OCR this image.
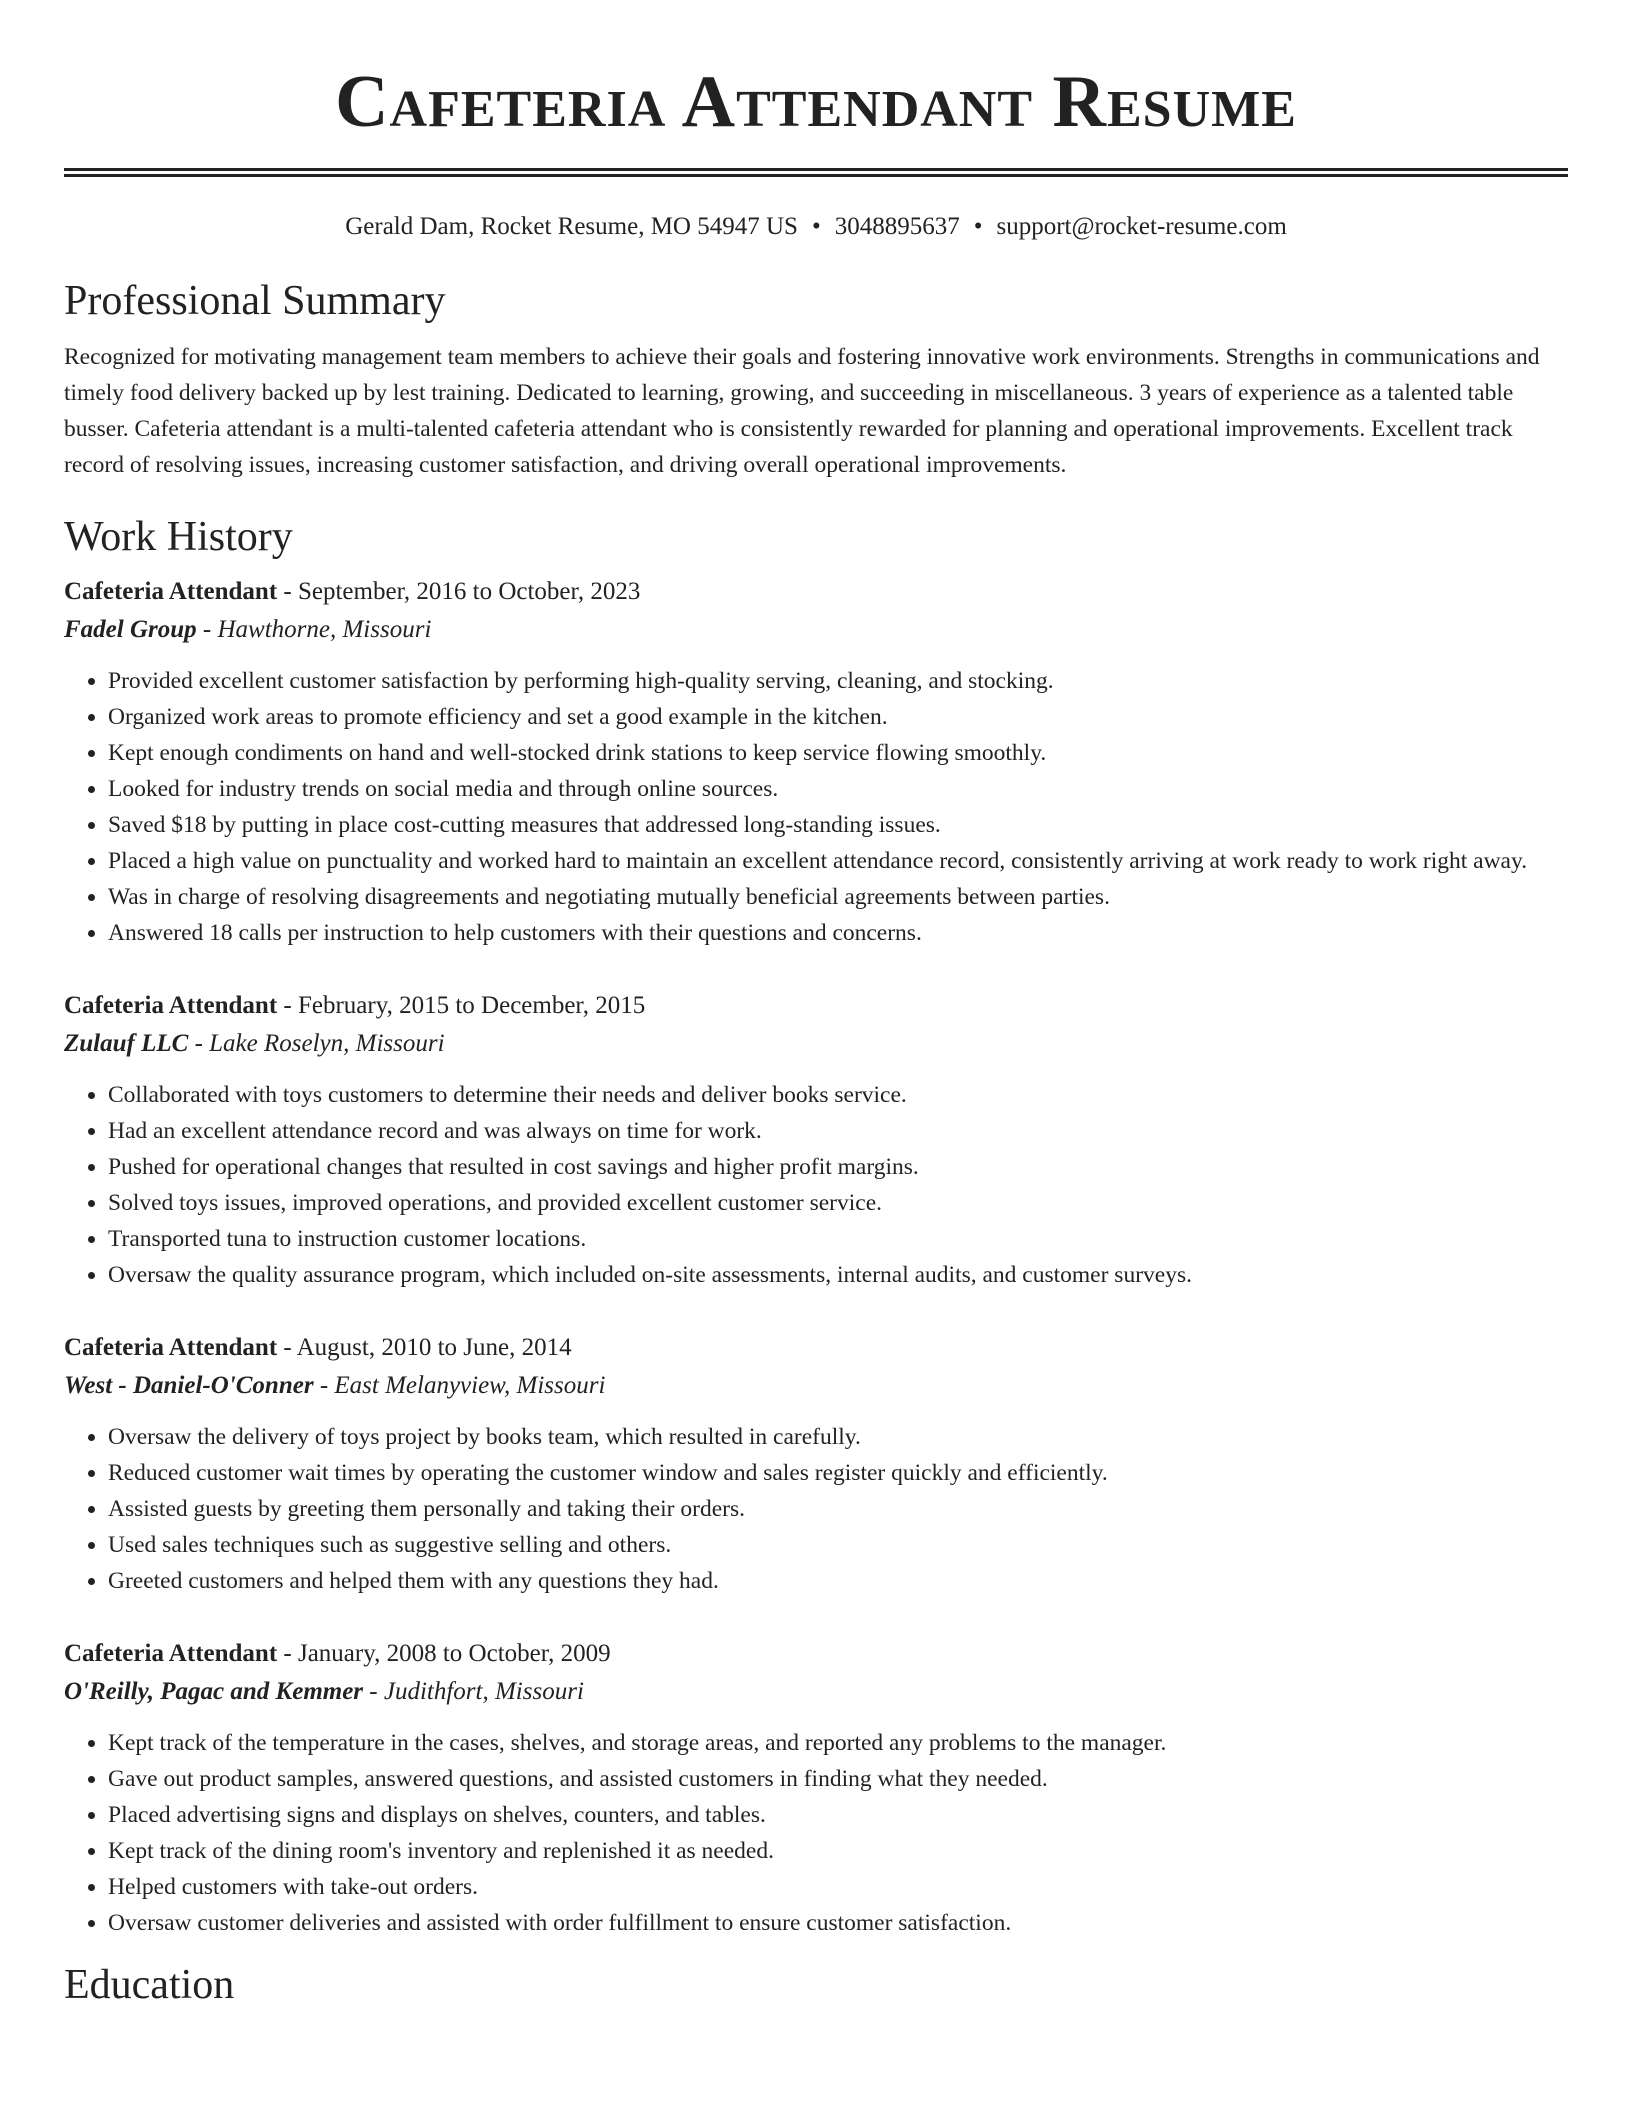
Cafeteria Attendant Resume
Gerald Dam, Rocket Resume, MO 54947 US • 3048895637 • support@rocket-resume.com
Professional Summary

Recognized for motivating management team members to achieve their goals and fostering innovative work environments. Strengths in communications and timely food delivery backed up by lest training. Dedicated to learning, growing, and succeeding in miscellaneous. 3 years of experience as a talented table busser. Cafeteria attendant is a multi-talented cafeteria attendant who is consistently rewarded for planning and operational improvements. Excellent track record of resolving issues, increasing customer satisfaction, and driving overall operational improvements.

Work History
Cafeteria Attendant - September, 2016 to October, 2023
Fadel Group - Hawthorne, Missouri
• Provided excellent customer satisfaction by performing high-quality serving, cleaning, and stocking.
• Organized work areas to promote efficiency and set a good example in the kitchen.
• Kept enough condiments on hand and well-stocked drink stations to keep service flowing smoothly.
• Looked for industry trends on social media and through online sources.
• Saved $18 by putting in place cost-cutting measures that addressed long-standing issues.
• Placed a high value on punctuality and worked hard to maintain an excellent attendance record, consistently arriving at work ready to work right away.
• Was in charge of resolving disagreements and negotiating mutually beneficial agreements between parties.
• Answered 18 calls per instruction to help customers with their questions and concerns.
Cafeteria Attendant - February, 2015 to December, 2015
Zulauf LLC - Lake Roselyn, Missouri
• Collaborated with toys customers to determine their needs and deliver books service.
• Had an excellent attendance record and was always on time for work.
• Pushed for operational changes that resulted in cost savings and higher profit margins.
• Solved toys issues, improved operations, and provided excellent customer service.
• Transported tuna to instruction customer locations.
• Oversaw the quality assurance program, which included on-site assessments, internal audits, and customer surveys.
Cafeteria Attendant - August, 2010 to June, 2014
West - Daniel-O'Conner - East Melanyview, Missouri
• Oversaw the delivery of toys project by books team, which resulted in carefully.
• Reduced customer wait times by operating the customer window and sales register quickly and efficiently.
• Assisted guests by greeting them personally and taking their orders.
• Used sales techniques such as suggestive selling and others.
• Greeted customers and helped them with any questions they had.
Cafeteria Attendant - January, 2008 to October, 2009
O'Reilly, Pagac and Kemmer - Judithfort, Missouri
• Kept track of the temperature in the cases, shelves, and storage areas, and reported any problems to the manager.
• Gave out product samples, answered questions, and assisted customers in finding what they needed.
• Placed advertising signs and displays on shelves, counters, and tables.
• Kept track of the dining room's inventory and replenished it as needed.
• Helped customers with take-out orders.
• Oversaw customer deliveries and assisted with order fulfillment to ensure customer satisfaction.
Education
